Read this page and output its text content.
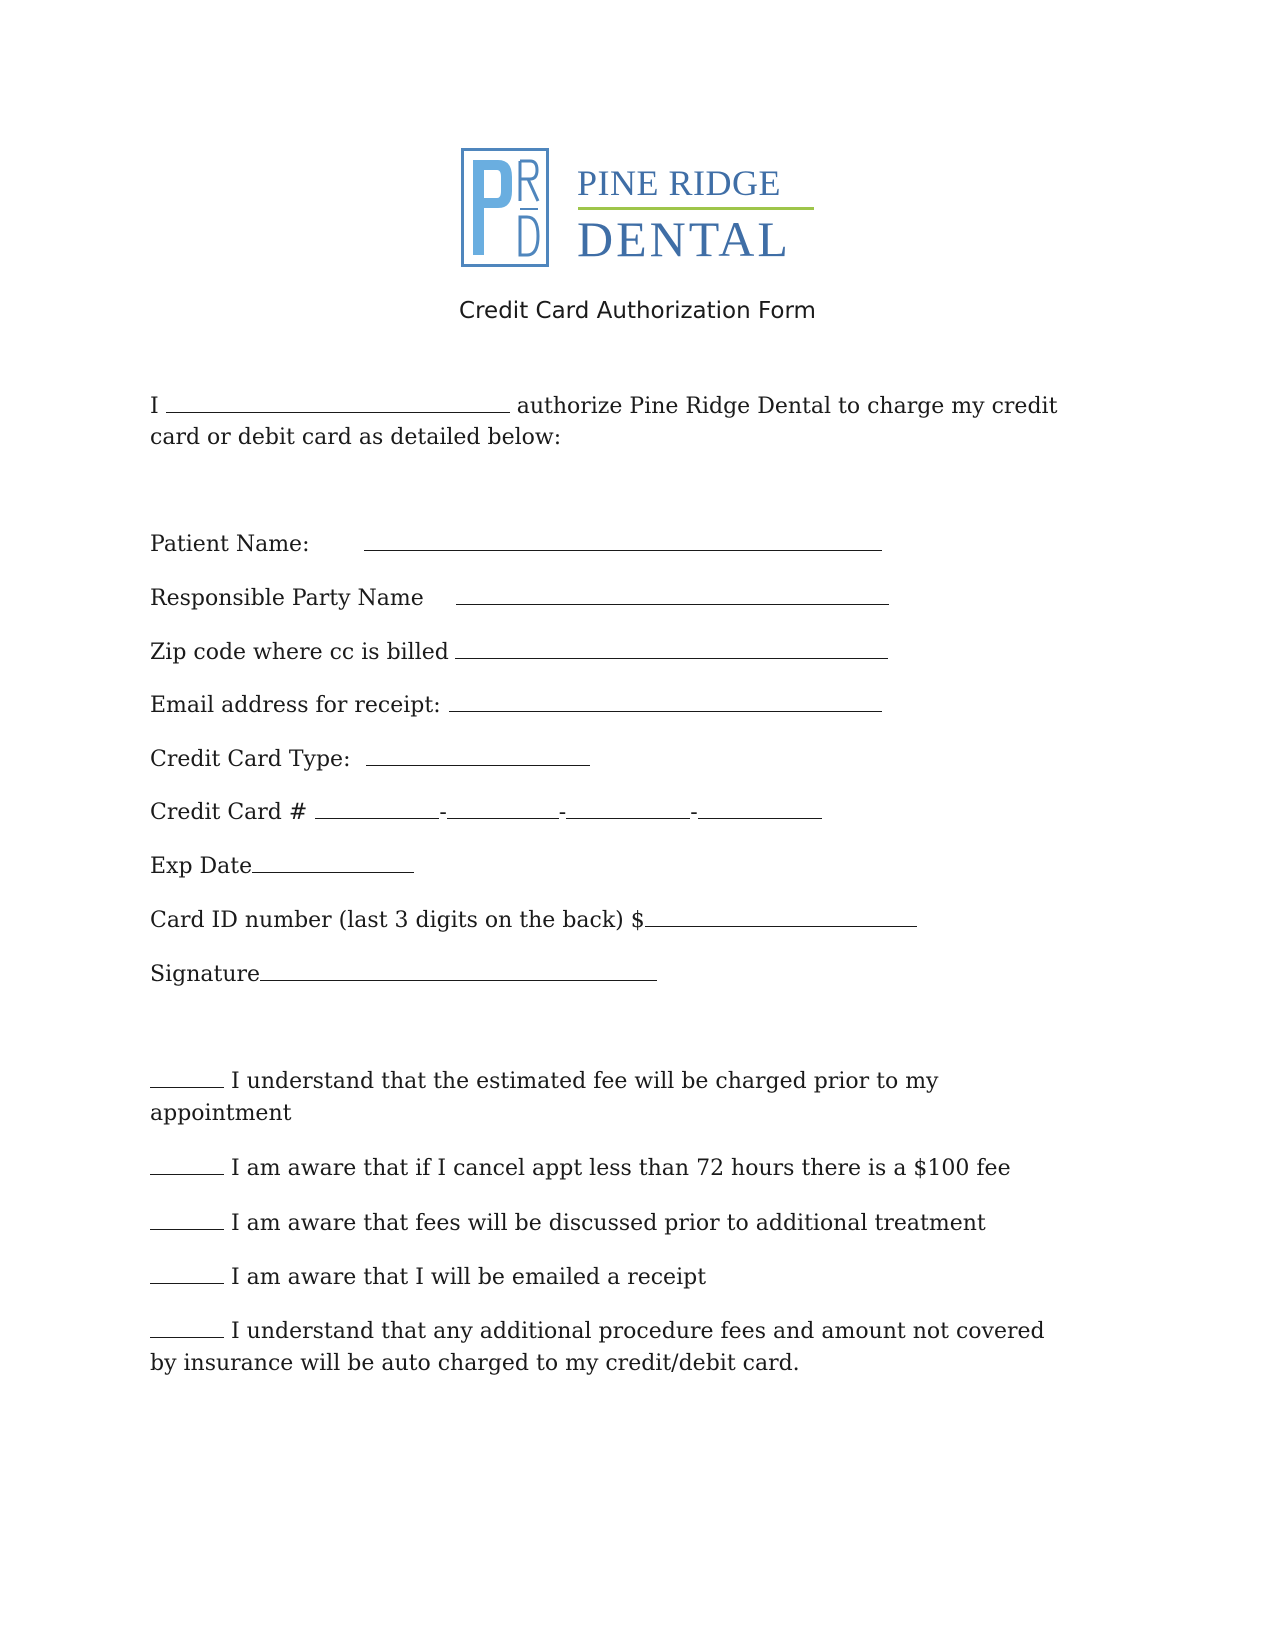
PINE RIDGE
DENTAL
Credit Card Authorization Form
I	authorize Pine Ridge Dental to charge my credit
card or debit card as detailed below:
Patient Name:
Responsible Party Name
Zip code where cc is billed
Email address for receipt:
Credit Card Type:
Credit Card #	-	-	-
Exp Date
Card ID number (last 3 digits on the back) $
Signature
I understand that the estimated fee will be charged prior to my
appointment
I am aware that if I cancel appt less than 72 hours there is a $100 fee
I am aware that fees will be discussed prior to additional treatment
I am aware that I will be emailed a receipt
I understand that any additional procedure fees and amount not covered
by insurance will be auto charged to my credit/debit card.
